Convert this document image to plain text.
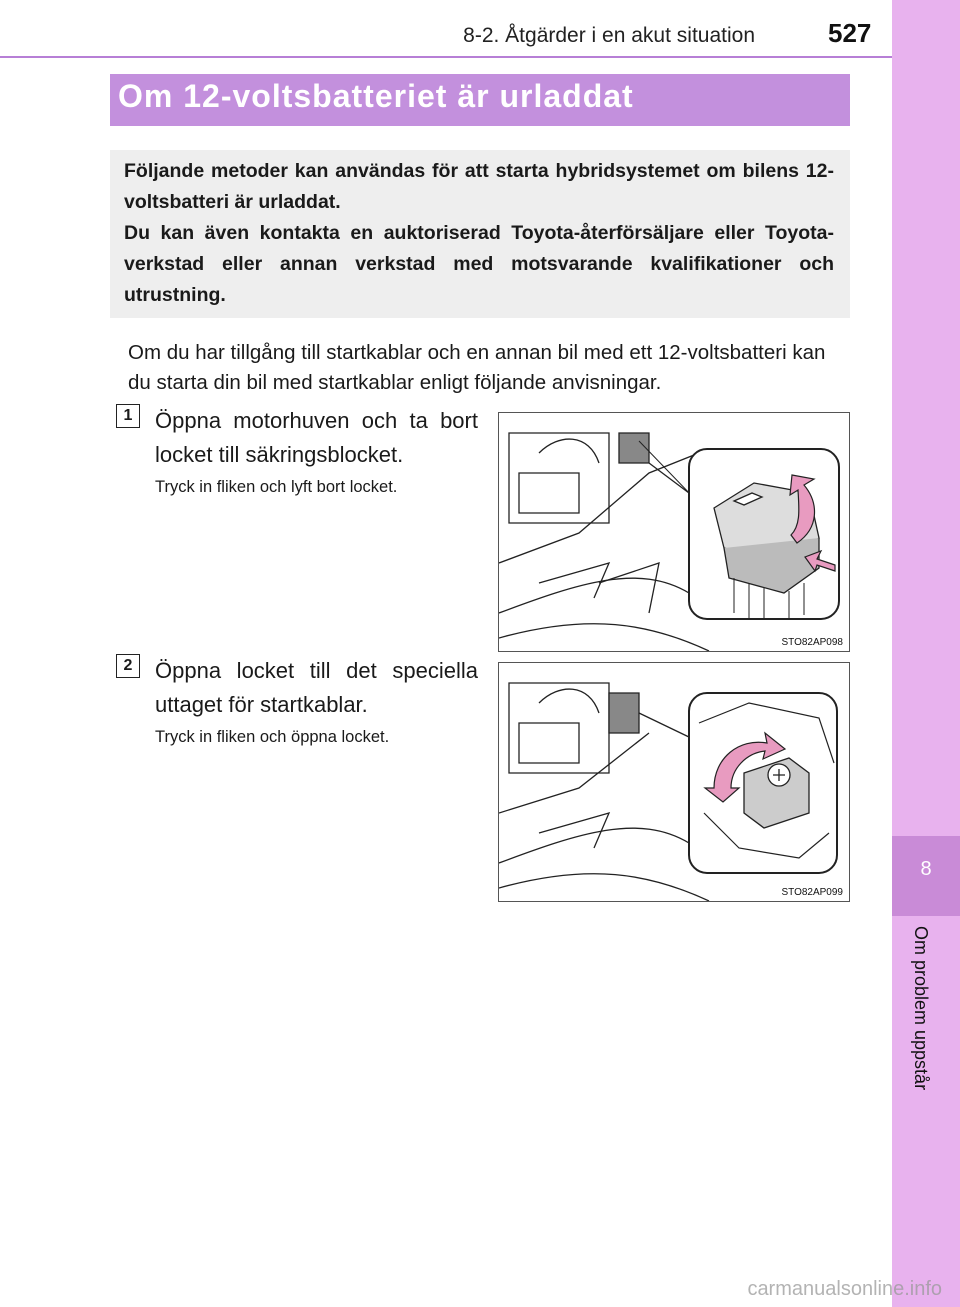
8-2. Åtgärder i en akut situation	527
8
Om problem uppstår
Om 12-voltsbatteriet är urladdat
Följande metoder kan användas för att starta hybridsystemet om bilens 12-voltsbatteri är urladdat.
Du kan även kontakta en auktoriserad Toyota-återförsäljare eller Toyota-verkstad eller annan verkstad med motsvarande kvalifikationer och utrustning.
Om du har tillgång till startkablar och en annan bil med ett 12-voltsbatteri kan du starta din bil med startkablar enligt följande anvisningar.
1	Öppna motorhuven och ta bort locket till säkringsblocket.
Tryck in fliken och lyft bort locket.
STO82AP098
2	Öppna locket till det speciella uttaget för startkablar.
Tryck in fliken och öppna locket.
STO82AP099
carmanualsonline.info
